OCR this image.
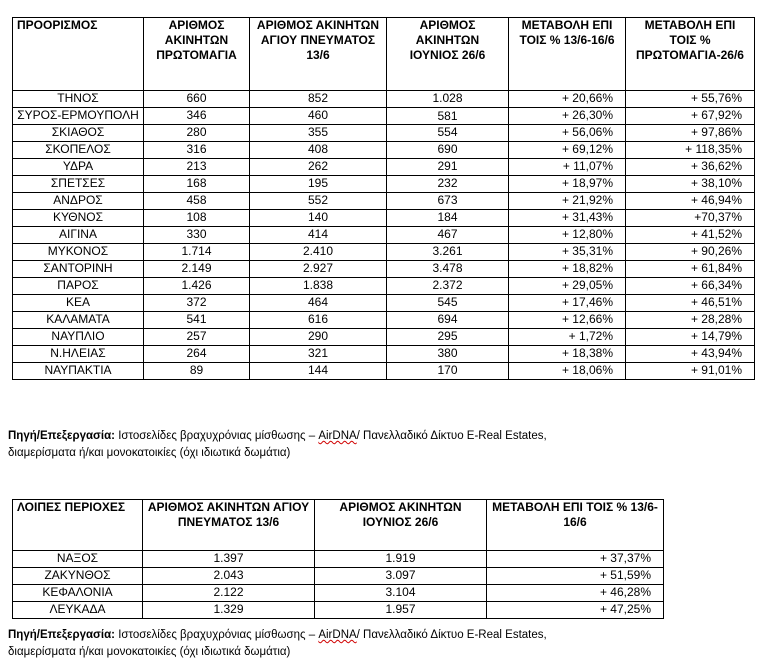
ΠΡΟΟΡΙΣΜΟΣ	ΑΡΙΘΜΟΣ ΑΚΙΝΗΤΩΝ ΠΡΩΤΟΜΑΓΙΑ	ΑΡΙΘΜΟΣ ΑΚΙΝΗΤΩΝ ΑΓΙΟΥ ΠΝΕΥΜΑΤΟΣ 13/6	ΑΡΙΘΜΟΣ ΑΚΙΝΗΤΩΝ ΙΟΥΝΙΟΣ 26/6	ΜΕΤΑΒΟΛΗ ΕΠΙ ΤΟΙΣ % 13/6-16/6	ΜΕΤΑΒΟΛΗ ΕΠΙ ΤΟΙΣ % ΠΡΩΤΟΜΑΓΙΑ-26/6
ΤΗΝΟΣ	660	852	1.028	+ 20,66%	+ 55,76%
ΣΥΡΟΣ-ΕΡΜΟΥΠΟΛΗ	346	460	581	+ 26,30%	+ 67,92%
ΣΚΙΑΘΟΣ	280	355	554	+ 56,06%	+ 97,86%
ΣΚΟΠΕΛΟΣ	316	408	690	+ 69,12%	+ 118,35%
ΥΔΡΑ	213	262	291	+ 11,07%	+ 36,62%
ΣΠΕΤΣΕΣ	168	195	232	+ 18,97%	+ 38,10%
ΑΝΔΡΟΣ	458	552	673	+ 21,92%	+ 46,94%
ΚΥΘΝΟΣ	108	140	184	+ 31,43%	+70,37%
ΑΙΓΙΝΑ	330	414	467	+ 12,80%	+ 41,52%
ΜΥΚΟΝΟΣ	1.714	2.410	3.261	+ 35,31%	+ 90,26%
ΣΑΝΤΟΡΙΝΗ	2.149	2.927	3.478	+ 18,82%	+ 61,84%
ΠΑΡΟΣ	1.426	1.838	2.372	+ 29,05%	+ 66,34%
ΚΕΑ	372	464	545	+ 17,46%	+ 46,51%
ΚΑΛΑΜΑΤΑ	541	616	694	+ 12,66%	+ 28,28%
ΝΑΥΠΛΙΟ	257	290	295	+ 1,72%	+ 14,79%
Ν.ΗΛΕΙΑΣ	264	321	380	+ 18,38%	+ 43,94%
ΝΑΥΠΑΚΤΙΑ	89	144	170	+ 18,06%	+ 91,01%
Πηγή/Επεξεργασία: Ιστοσελίδες βραχυχρόνιας μίσθωσης – AirDNA/ Πανελλαδικό Δίκτυο E-Real Estates,
διαμερίσματα ή/και μονοκατοικίες (όχι ιδιωτικά δωμάτια)
ΛΟΙΠΕΣ ΠΕΡΙΟΧΕΣ	ΑΡΙΘΜΟΣ ΑΚΙΝΗΤΩΝ ΑΓΙΟΥ ΠΝΕΥΜΑΤΟΣ 13/6	ΑΡΙΘΜΟΣ ΑΚΙΝΗΤΩΝ ΙΟΥΝΙΟΣ 26/6	ΜΕΤΑΒΟΛΗ ΕΠΙ ΤΟΙΣ % 13/6-16/6
ΝΑΞΟΣ	1.397	1.919	+ 37,37%
ΖΑΚΥΝΘΟΣ	2.043	3.097	+ 51,59%
ΚΕΦΑΛΟΝΙΑ	2.122	3.104	+ 46,28%
ΛΕΥΚΑΔΑ	1.329	1.957	+ 47,25%
Πηγή/Επεξεργασία: Ιστοσελίδες βραχυχρόνιας μίσθωσης – AirDNA/ Πανελλαδικό Δίκτυο E-Real Estates,
διαμερίσματα ή/και μονοκατοικίες (όχι ιδιωτικά δωμάτια)
